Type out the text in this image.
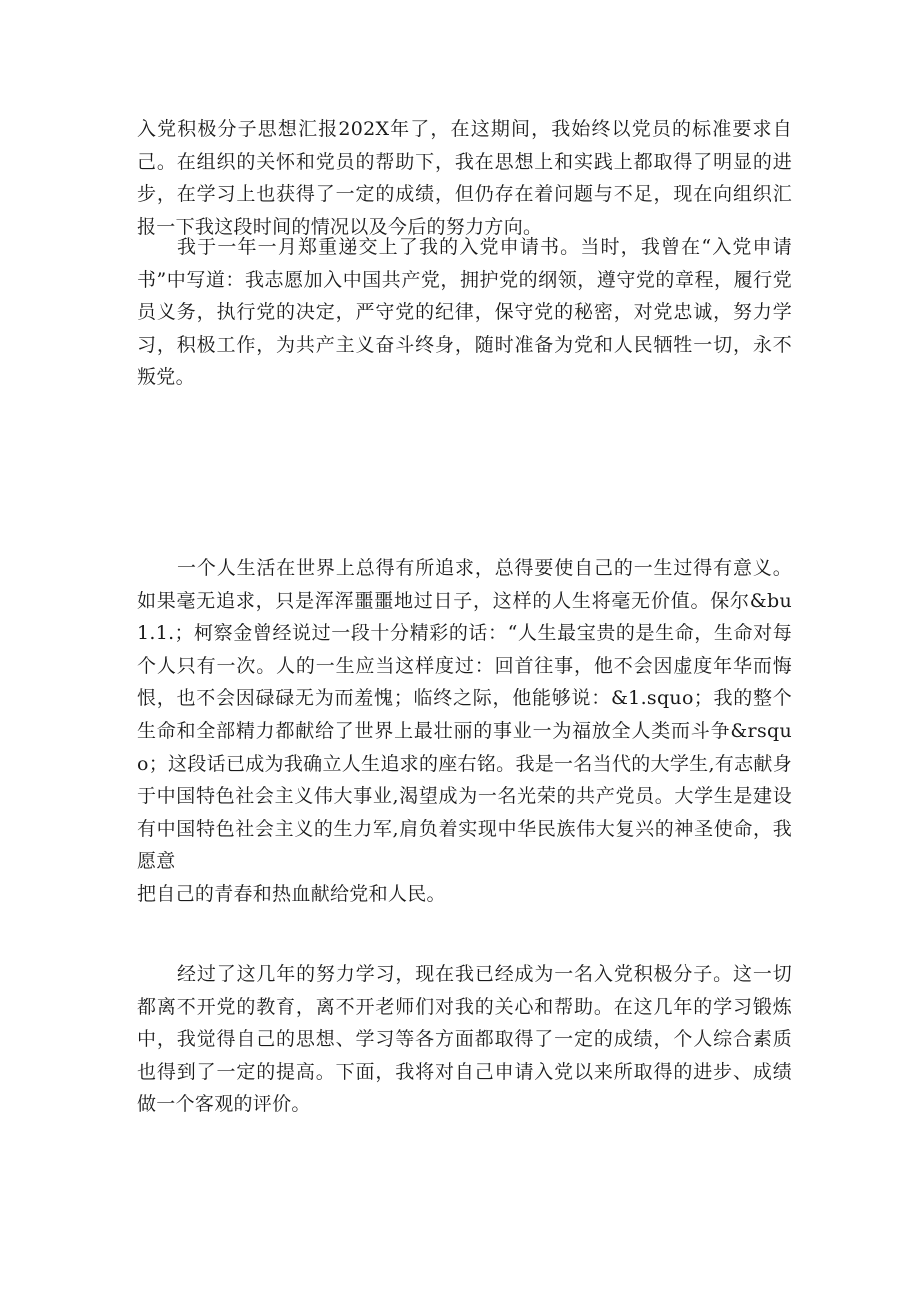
入党积极分子思想汇报202X年了，在这期间，我始终以党员的标准要求自己。在组织的关怀和党员的帮助下，我在思想上和实践上都取得了明显的进步，在学习上也获得了一定的成绩，但仍存在着问题与不足，现在向组织汇报一下我这段时间的情况以及今后的努力方向。

我于一年一月郑重递交上了我的入党申请书。当时，我曾在“入党申请书”中写道：我志愿加入中国共产党，拥护党的纲领，遵守党的章程，履行党员义务，执行党的决定，严守党的纪律，保守党的秘密，对党忠诚，努力学习，积极工作，为共产主义奋斗终身，随时准备为党和人民牺牲一切，永不叛党。

一个人生活在世界上总得有所追求，总得要使自己的一生过得有意义。如果毫无追求，只是浑浑噩噩地过日子，这样的人生将毫无价值。保尔&bu1.1.；柯察金曾经说过一段十分精彩的话：“人生最宝贵的是生命，生命对每个人只有一次。人的一生应当这样度过：回首往事，他不会因虚度年华而悔恨，也不会因碌碌无为而羞愧；临终之际，他能够说：&1.squo；我的整个生命和全部精力都献给了世界上最壮丽的事业一为福放全人类而斗争&rsquo；这段话已成为我确立人生追求的座右铭。我是一名当代的大学生,有志献身于中国特色社会主义伟大事业,渴望成为一名光荣的共产党员。大学生是建设有中国特色社会主义的生力军,肩负着实现中华民族伟大复兴的神圣使命，我愿意
把自己的青春和热血献给党和人民。

经过了这几年的努力学习，现在我已经成为一名入党积极分子。这一切都离不开党的教育，离不开老师们对我的关心和帮助。在这几年的学习锻炼中，我觉得自己的思想、学习等各方面都取得了一定的成绩，个人综合素质也得到了一定的提高。下面，我将对自己申请入党以来所取得的进步、成绩做一个客观的评价。
